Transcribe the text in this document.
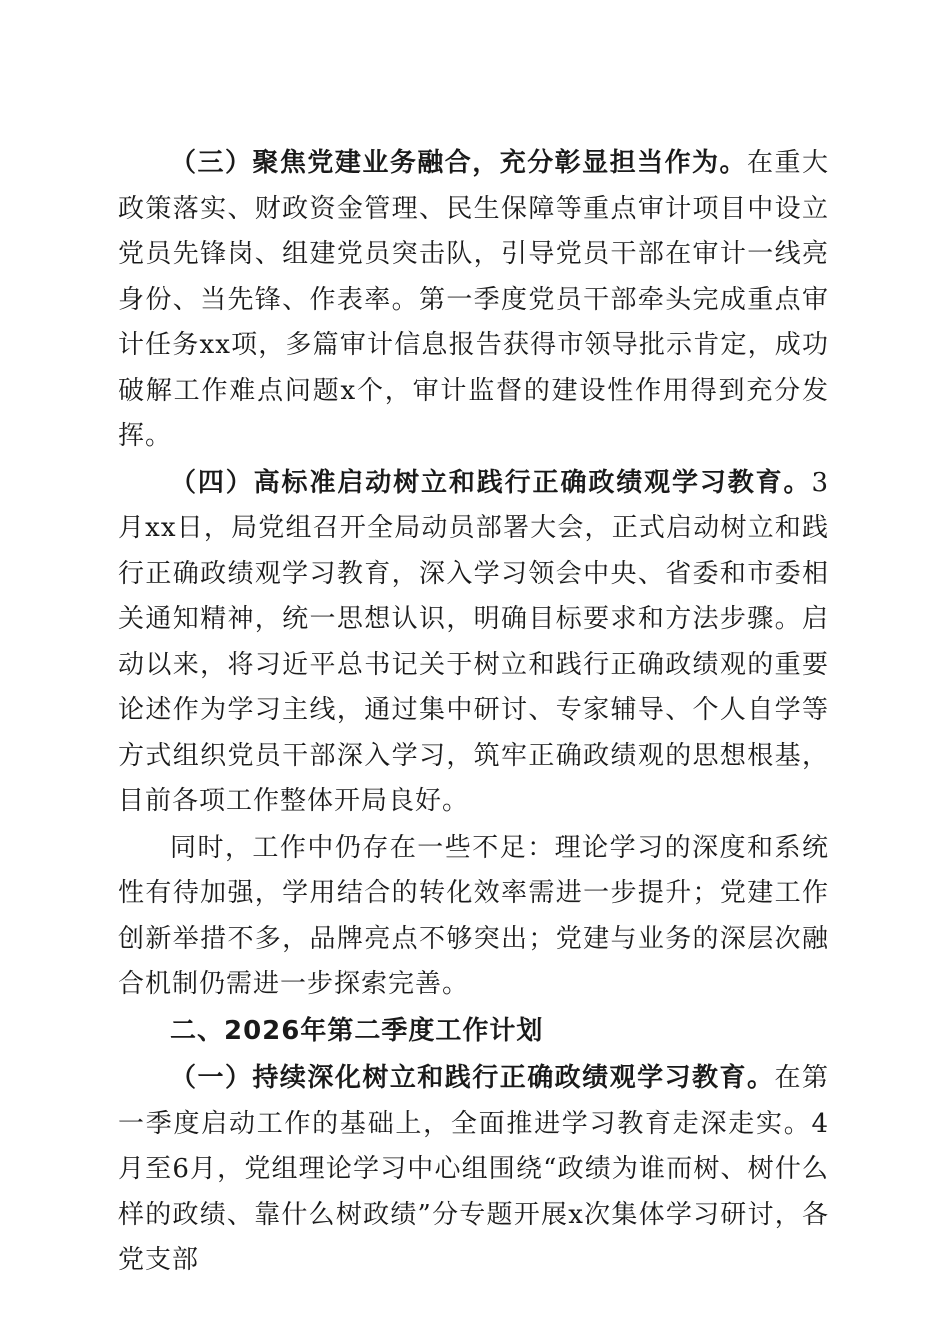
（三）聚焦党建业务融合，充分彰显担当作为。在重大政策落实、财政资金管理、民生保障等重点审计项目中设立党员先锋岗、组建党员突击队，引导党员干部在审计一线亮身份、当先锋、作表率。第一季度党员干部牵头完成重点审计任务xx项，多篇审计信息报告获得市领导批示肯定，成功破解工作难点问题x个，审计监督的建设性作用得到充分发挥。

（四）高标准启动树立和践行正确政绩观学习教育。3月xx日，局党组召开全局动员部署大会，正式启动树立和践行正确政绩观学习教育，深入学习领会中央、省委和市委相关通知精神，统一思想认识，明确目标要求和方法步骤。启动以来，将习近平总书记关于树立和践行正确政绩观的重要论述作为学习主线，通过集中研讨、专家辅导、个人自学等方式组织党员干部深入学习，筑牢正确政绩观的思想根基，目前各项工作整体开局良好。

同时，工作中仍存在一些不足：理论学习的深度和系统性有待加强，学用结合的转化效率需进一步提升；党建工作创新举措不多，品牌亮点不够突出；党建与业务的深层次融合机制仍需进一步探索完善。

二、2026年第二季度工作计划

（一）持续深化树立和践行正确政绩观学习教育。在第一季度启动工作的基础上，全面推进学习教育走深走实。4月至6月，党组理论学习中心组围绕“政绩为谁而树、树什么样的政绩、靠什么树政绩”分专题开展x次集体学习研讨，各党支部
